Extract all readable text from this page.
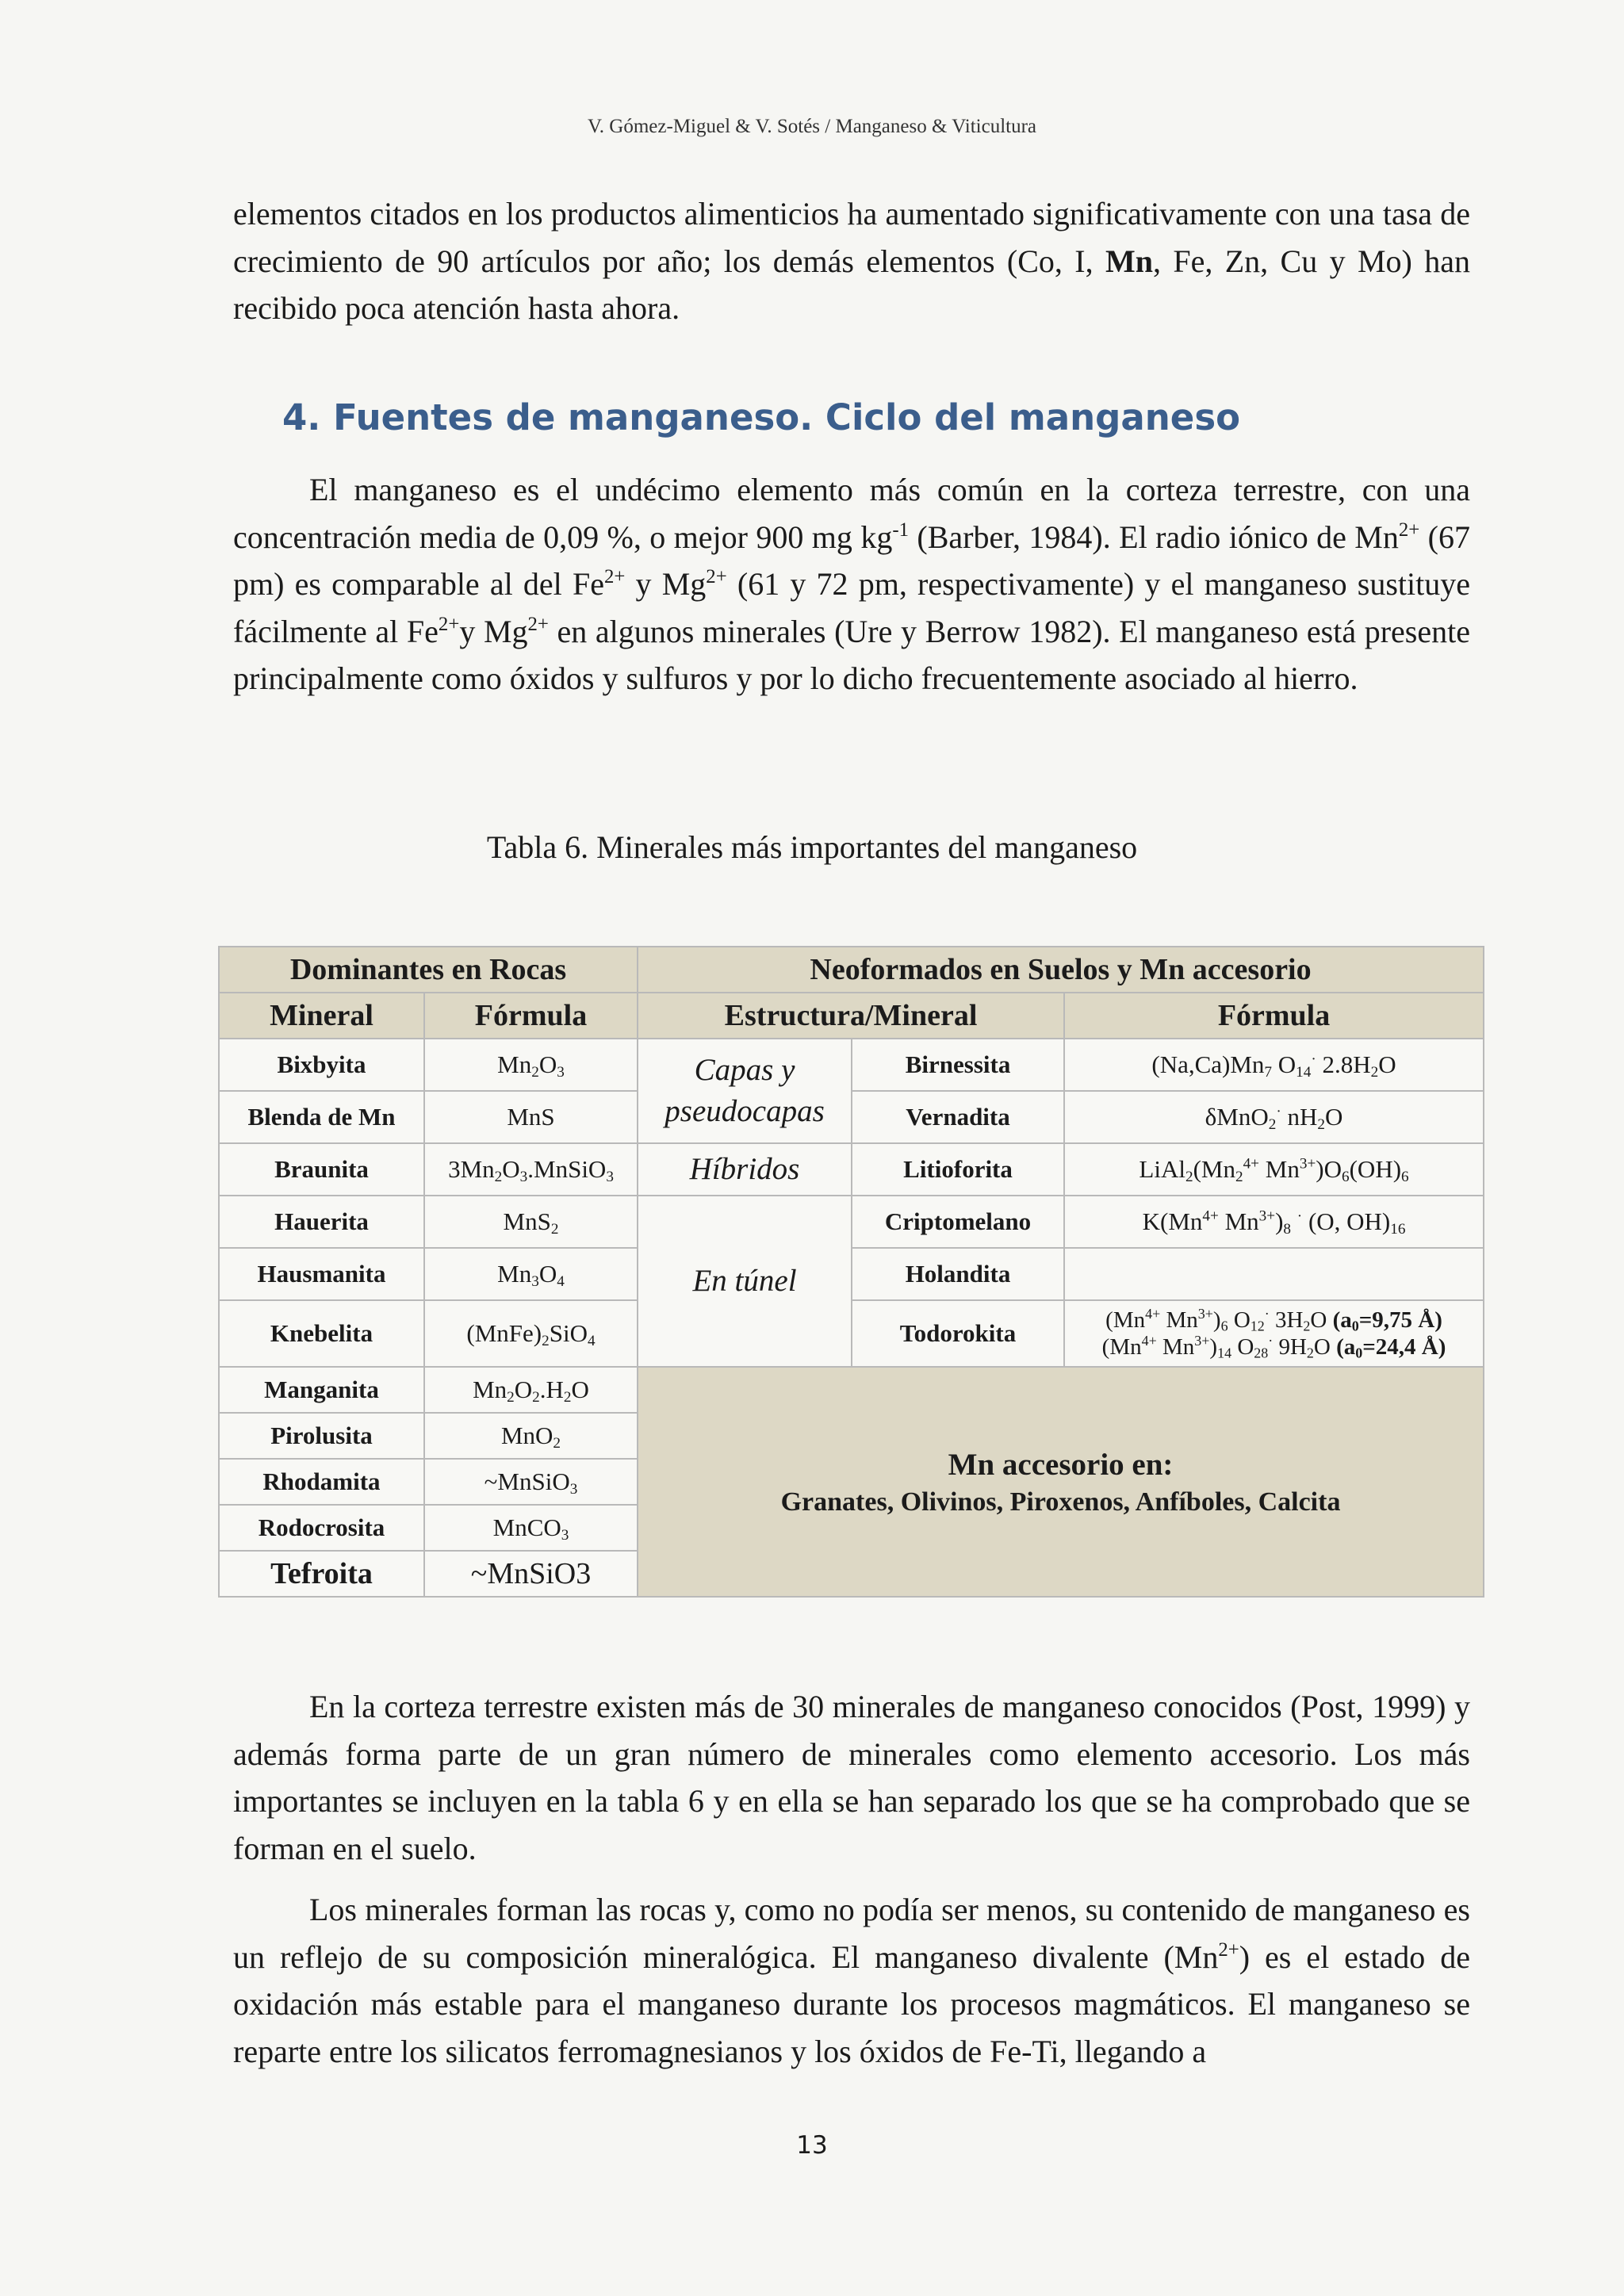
V. Gómez-Miguel & V. Sotés / Manganeso & Viticultura

elementos citados en los productos alimenticios ha aumentado significativamente con una tasa de crecimiento de 90 artículos por año; los demás elementos (Co, I, Mn, Fe, Zn, Cu y Mo) han recibido poca atención hasta ahora.

4. Fuentes de manganeso. Ciclo del manganeso

El manganeso es el undécimo elemento más común en la corteza terrestre, con una concentración media de 0,09 %, o mejor 900 mg $kg^{-1}$ (Barber, 1984). El radio iónico de $Mn^{2+}$ (67 pm) es comparable al del $Fe^{2+}$ y $Mg^{2+}$ (61 y 72 pm, respectivamente) y el manganeso sustituye fácilmente al $Fe^{2+}y$ $Mg^{2+}$ en algunos minerales (Ure y Berrow 1982). El manganeso está presente principalmente como óxidos y sulfuros y por lo dicho frecuentemente asociado al hierro.

Tabla 6. Minerales más importantes del manganeso
Dominantes en Rocas		Neoformados en Suelos y Mn accesorio		
Mineral	Fórmula	Estructura/Mineral		Fórmula
Bixbyita	$Mn_2O_3$	Capas y pseudocapas	Birnessita	$(Na,Ca)Mn_7$ $O_{14}^\cdot$ $2.8H_2O$
Blenda de Mn	MnS		Vernadita	δMnO$_2$· $nH_2O$
Braunita	$3Mn_2O_3.MnSiO_3$	Híbridos	Litioforita	$LiAl_2(Mn_2^{4+}$ $Mn^{3+})O_6(OH)_6$
Hauerita	MnS$_2$	En túnel	Criptomelano	$K(Mn^{4+}$ $Mn^{3+})_8$ · (O, $OH)_{16}$
Hausmanita	$Mn_3O_4$		Holandita	
Knebelita	$(MnFe)_2SiO_4$		Todorokita	($Mn^{4+}$ $Mn^{3+})_6$ $O_{12}^\cdot$ $3H_2O$ ($a_0=9,75$ Å)
($Mn^{4+}$ $Mn^{3+})_{14}$ $O_{28}^\cdot$ $9H_2O$ ($a_0=24,4$ Å)
Manganita	$Mn_2O_2.H_2O$	Mn accesorio en:
Granates, Olivinos, Piroxenos, Anfíboles, Calcita		

Pirolusita	MnO$_2$
Rhodamita	~MnSiO$_3$
Rodocrosita	MnCO$_3$
Tefroita	~MnSiO3			

En la corteza terrestre existen más de 30 minerales de manganeso conocidos (Post, 1999) y además forma parte de un gran número de minerales como elemento accesorio. Los más importantes se incluyen en la tabla 6 y en ella se han separado los que se ha comprobado que se forman en el suelo.

Los minerales forman las rocas y, como no podía ser menos, su contenido de manganeso es un reflejo de su composición mineralógica. El manganeso divalente $(Mn^{2+})$ es el estado de oxidación más estable para el manganeso durante los procesos magmáticos. El manganeso se reparte entre los silicatos ferromagnesianos y los óxidos de Fe-Ti, llegando a

13
